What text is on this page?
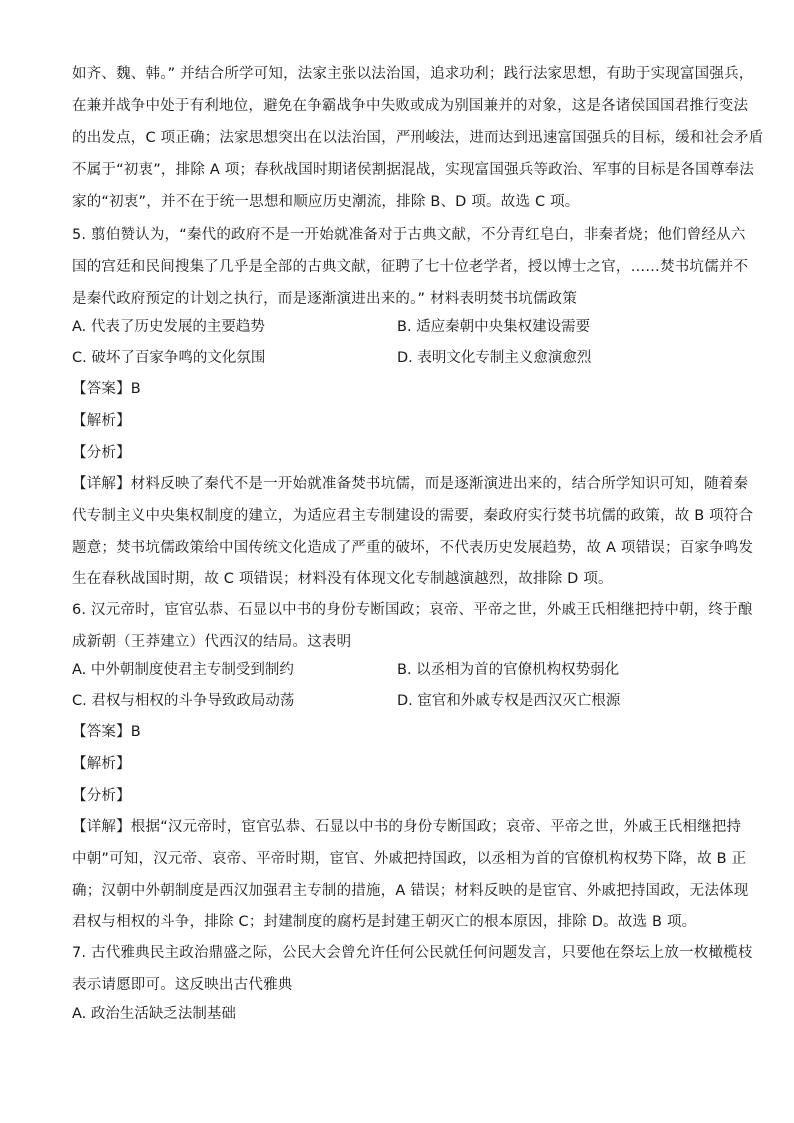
如齐、魏、韩。” 并结合所学可知，法家主张以法治国，追求功利；践行法家思想，有助于实现富国强兵，
在兼并战争中处于有利地位，避免在争霸战争中失败或成为别国兼并的对象，这是各诸侯国国君推行变法
的出发点，C 项正确；法家思想突出在以法治国，严刑峻法，进而达到迅速富国强兵的目标，缓和社会矛盾
不属于“初衷”，排除 A 项；春秋战国时期诸侯割据混战，实现富国强兵等政治、军事的目标是各国尊奉法
家的“初衷”，并不在于统一思想和顺应历史潮流，排除 B、D 项。故选 C 项。
5. 翦伯赞认为，“秦代的政府不是一开始就准备对于古典文献，不分青红皂白，非秦者烧；他们曾经从六
国的宫廷和民间搜集了几乎是全部的古典文献，征聘了七十位老学者，授以博士之官，……焚书坑儒并不
是秦代政府预定的计划之执行，而是逐渐演进出来的。” 材料表明焚书坑儒政策
A. 代表了历史发展的主要趋势	B. 适应秦朝中央集权建设需要
C. 破坏了百家争鸣的文化氛围	D. 表明文化专制主义愈演愈烈
【答案】B
【解析】
【分析】
【详解】材料反映了秦代不是一开始就准备焚书坑儒，而是逐渐演进出来的，结合所学知识可知，随着秦
代专制主义中央集权制度的建立，为适应君主专制建设的需要，秦政府实行焚书坑儒的政策，故 B 项符合
题意；焚书坑儒政策给中国传统文化造成了严重的破坏，不代表历史发展趋势，故 A 项错误；百家争鸣发
生在春秋战国时期，故 C 项错误；材料没有体现文化专制越演越烈，故排除 D 项。
6. 汉元帝时，宦官弘恭、石显以中书的身份专断国政；哀帝、平帝之世，外戚王氏相继把持中朝，终于酿
成新朝（王莽建立）代西汉的结局。这表明
A. 中外朝制度使君主专制受到制约	B. 以丞相为首的官僚机构权势弱化
C. 君权与相权的斗争导致政局动荡	D. 宦官和外戚专权是西汉灭亡根源
【答案】B
【解析】
【分析】
【详解】根据“汉元帝时，宦官弘恭、石显以中书的身份专断国政；哀帝、平帝之世，外戚王氏相继把持
中朝”可知，汉元帝、哀帝、平帝时期，宦官、外戚把持国政，以丞相为首的官僚机构权势下降，故 B 正
确；汉朝中外朝制度是西汉加强君主专制的措施，A 错误；材料反映的是宦官、外戚把持国政，无法体现
君权与相权的斗争，排除 C；封建制度的腐朽是封建王朝灭亡的根本原因，排除 D。故选 B 项。
7. 古代雅典民主政治鼎盛之际，公民大会曾允许任何公民就任何问题发言，只要他在祭坛上放一枚橄榄枝
表示请愿即可。这反映出古代雅典
A. 政治生活缺乏法制基础
